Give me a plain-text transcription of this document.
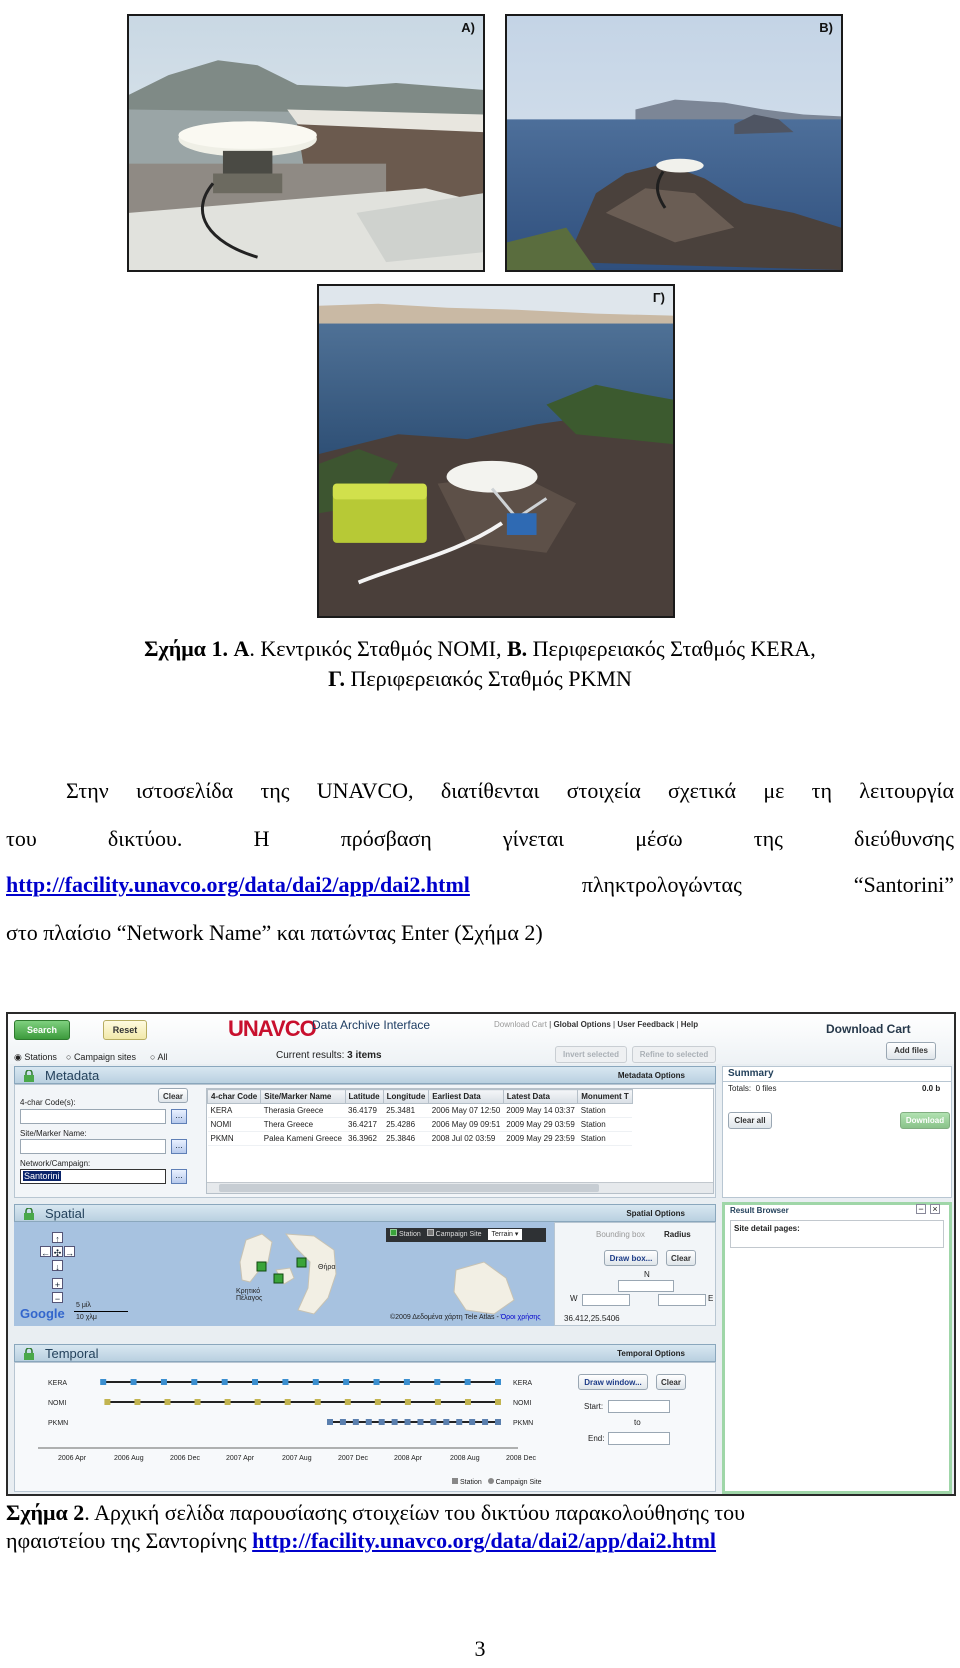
A)	B)
Γ)
Σχήμα 1. Α. Κεντρικός Σταθμός NOMI, Β. Περιφερειακός Σταθμός KERA,
Γ. Περιφερειακός Σταθμός PKMN
Στην ιστοσελίδα της UNAVCO, διατίθενται στοιχεία σχετικά με τη λειτουργία
του	δικτύου.	Η	πρόσβαση	γίνεται	μέσω	της	διεύθυνσης
http://facility.unavco.org/data/dai2/app/dai2.html	πληκτρολογώντας	“Santorini”
στο πλαίσιο “Network Name” και πατώντας Enter (Σχήμα 2)
Search	Reset
◉ Stations ○ Campaign sites ○ All
UNAVCO
Data Archive Interface
Current results: 3 items
Download Cart | Global Options | User Feedback | Help
Invert selected	Refine to selected
Download Cart
Add files
Metadata	Metadata Options
Clear
4-char Code(s):
...
Site/Marker Name:
...
Network/Campaign:
Santorini	...
4-char Code	Site/Marker Name	Latitude	Longitude	Earliest Data	Latest Data	Monument T
KERA	Therasia Greece	36.4179	25.3481	2006 May 07 12:50	2009 May 14 03:37	Station
NOMI	Thera Greece	36.4217	25.4286	2006 May 09 09:51	2009 May 29 03:59	Station
PKMN	Palea Kameni Greece	36.3962	25.3846	2008 Jul 02 03:59	2009 May 29 23:59	Station
Summary
Totals: 0 files	0.0 b
Clear all	Download
Spatial	Spatial Options
↑
← ✣ →
↓
+
−
Google
5 μίλ
10 χλμ
Κρητικό Πέλαγος
Θήρα
©2009 Δεδομένα χάρτη Tele Atlas - Όροι χρήσης
Station Campaign Site Terrain ▾	Bounding box Radius
Draw box...	Clear
N
W	E
36.412,25.5406
Result Browser	− ×
Site detail pages:
Temporal	Temporal Options
KERA	KERA
NOMI	NOMI
PKMN	PKMN
2006 Apr	2006 Aug	2006 Dec	2007 Apr	2007 Aug	2007 Dec	2008 Apr	2008 Aug	2008 Dec
Draw window...	Clear
Start:
to
End:
Station Campaign Site
Σχήμα 2. Αρχική σελίδα παρουσίασης στοιχείων του δικτύου παρακολούθησης του
ηφαιστείου της Σαντορίνης http://facility.unavco.org/data/dai2/app/dai2.html
3
